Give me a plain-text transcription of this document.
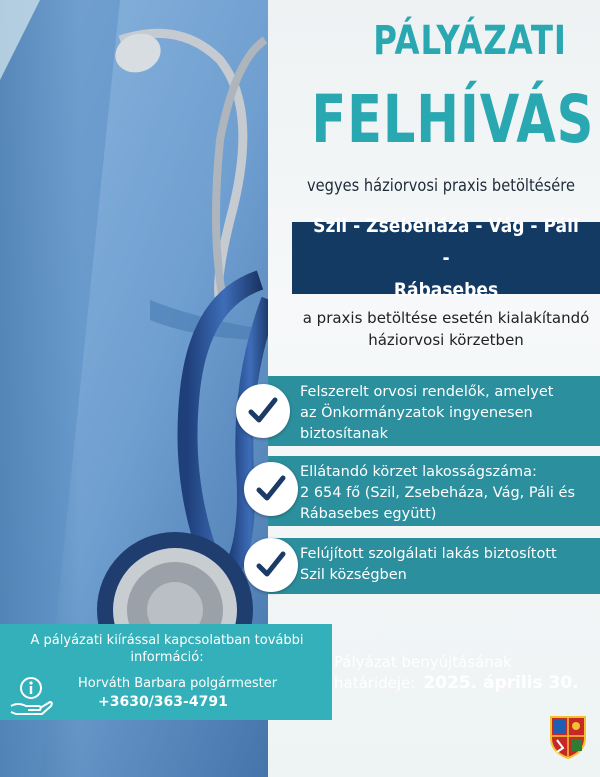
PÁLYÁZATI
FELHÍVÁS
vegyes háziorvosi praxis betöltésére
Szil - Zsebeháza - Vág - Páli -
Rábasebes
a praxis betöltése esetén kialakítandó
háziorvosi körzetben
Felszerelt orvosi rendelők, amelyet
az Önkormányzatok ingyenesen
biztosítanak
Ellátandó körzet lakosságszáma:
2 654 fő (Szil, Zsebeháza, Vág, Páli és
Rábasebes együtt)
Felújított szolgálati lakás biztosított
Szil községben
A pályázati kiírással kapcsolatban további
információ:
Horváth Barbara polgármester
+3630/363-4791
Pályázat benyújtásának
határideje: 2025. április 30.
